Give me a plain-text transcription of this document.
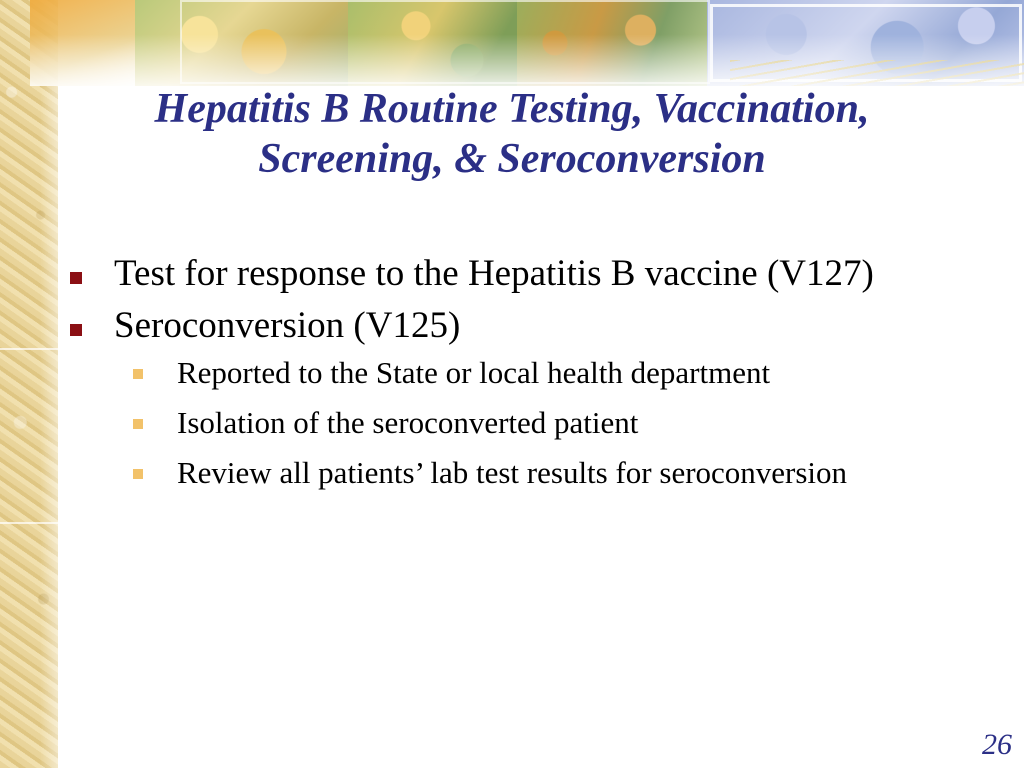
Hepatitis B Routine Testing, Vaccination,
Screening, & Seroconversion
Test for response to the Hepatitis B vaccine (V127)
Seroconversion (V125)
Reported to the State or local health department
Isolation of the seroconverted patient
Review all patients’ lab test results for seroconversion
26
